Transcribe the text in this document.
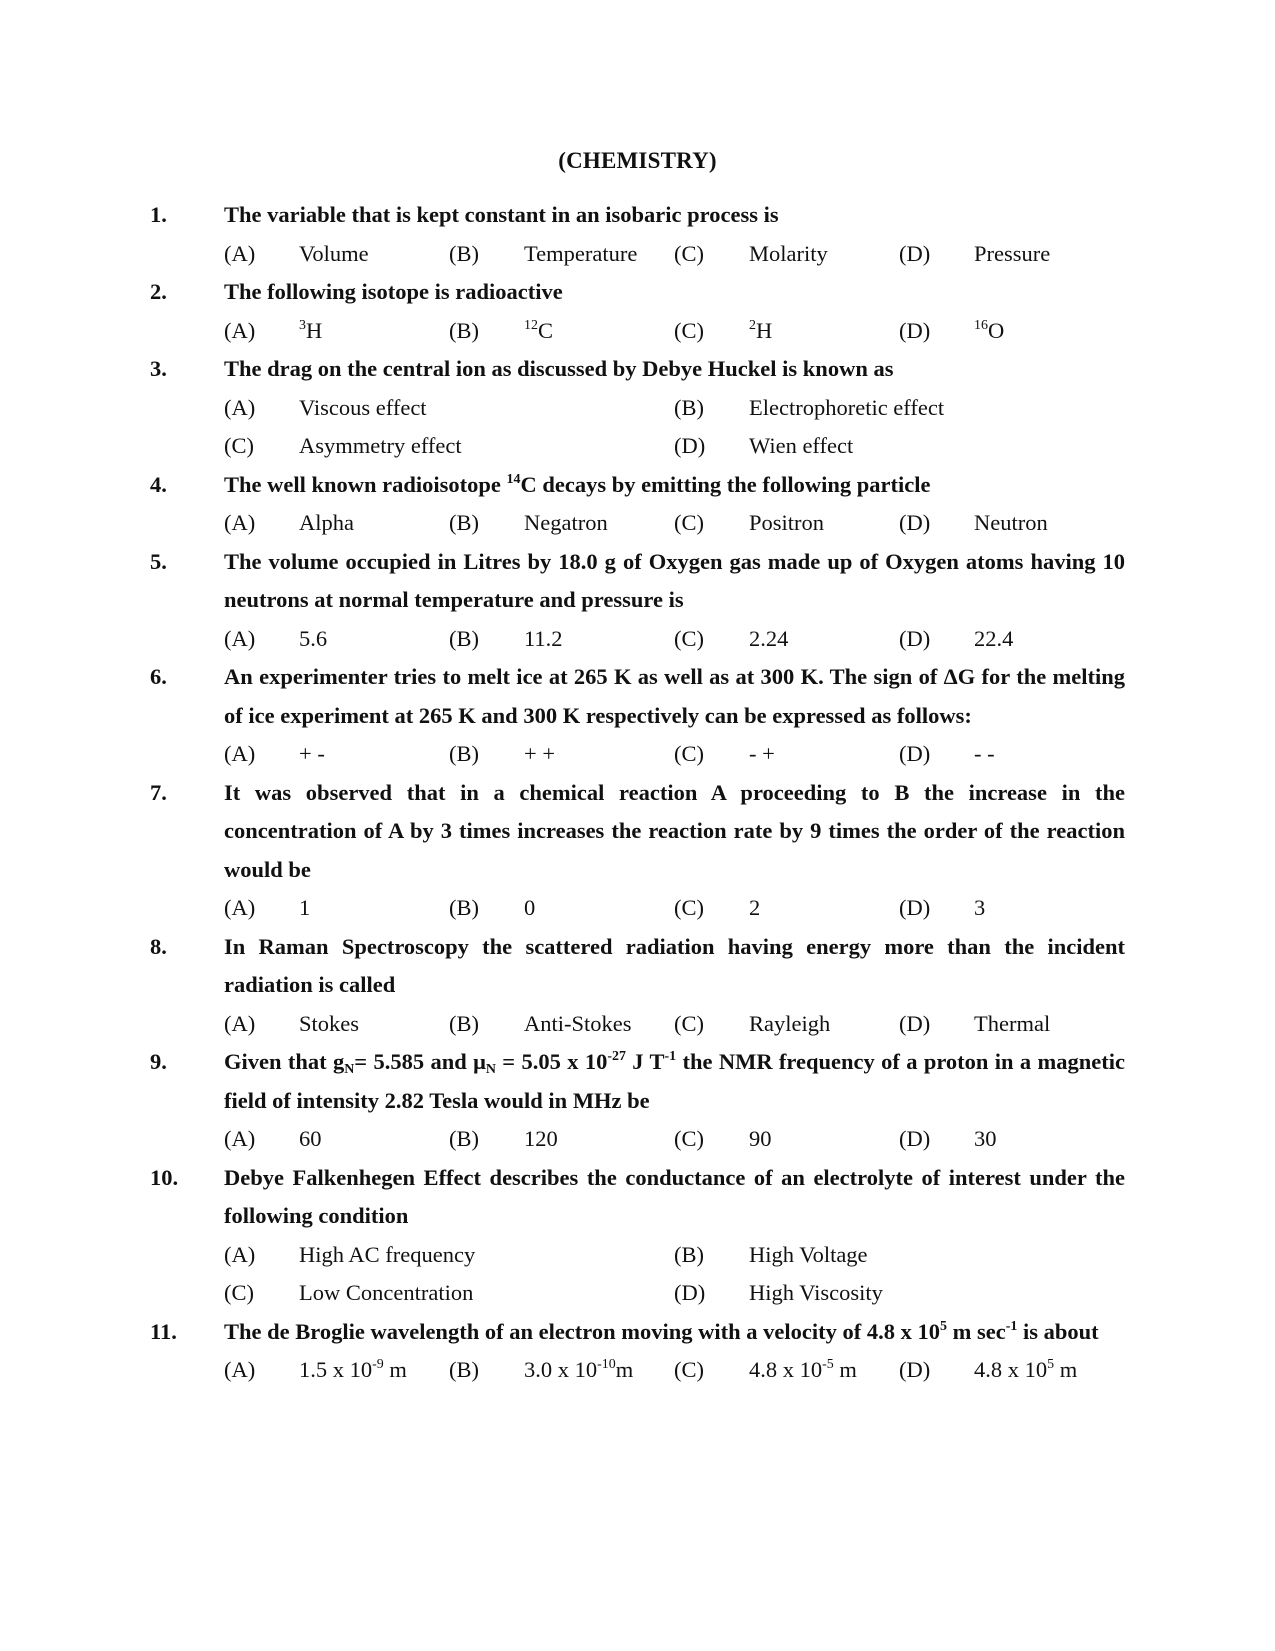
(CHEMISTRY)
1.	The variable that is kept constant in an isobaric process is
(A)	Volume	(B)	Temperature (C)	Molarity	(D)	Pressure
2.	The following isotope is radioactive
(A)	$^3$H	(B)	$^{12}$C	(C)	$^2$H	(D)	$^{16}$O
3.	The drag on the central ion as discussed by Debye Huckel is known as
(A)	Viscous effect	(B)	Electrophoretic effect
(C)	Asymmetry effect	(D)	Wien effect
4.	The well known radioisotope $^{14}$C decays by emitting the following particle
(A)	Alpha	(B)	Negatron	(C)	Positron	(D)	Neutron
5.	The volume occupied in Litres by 18.0 g of Oxygen gas made up of Oxygen atoms having 10 neutrons at normal temperature and pressure is
(A)	5.6	(B)	11.2	(C)	2.24	(D)	22.4
6.	An experimenter tries to melt ice at 265 K as well as at 300 K. The sign of ΔG for the melting of ice experiment at 265 K and 300 K respectively can be expressed as follows:
(A)	+ -	(B)	+ +	(C)	- +	(D)	- -
7.	It was observed that in a chemical reaction A proceeding to B the increase in the concentration of A by 3 times increases the reaction rate by 9 times the order of the reaction would be
(A)	1	(B)	0	(C)	2	(D)	3
8.	In Raman Spectroscopy the scattered radiation having energy more than the incident radiation is called
(A)	Stokes	(B)	Anti-Stokes (C)	Rayleigh	(D)	Thermal
9.	Given that $g_N= 5.585$ and $\mu_N = 5.05$ x $10^{-27}$ J $T^{-1}$ the NMR frequency of a proton in a magnetic field of intensity 2.82 Tesla would in MHz be
(A)	60	(B)	120	(C)	90	(D)	30
10. Debye Falkenhegen Effect describes the conductance of an electrolyte of interest under the following condition
(A)	High AC frequency	(B)	High Voltage
(C)	Low Concentration	(D)	High Viscosity
11. The de Broglie wavelength of an electron moving with a velocity of 4.8 x $10^5$ m $\sec^{-1}$ is about
(A)	1.5 x $10^{-9}$ m (B)	3.0 x $10^{-10}m$ (C)	4.8 x $10^{-5}$ m (D)	4.8 x $10^5$ m
